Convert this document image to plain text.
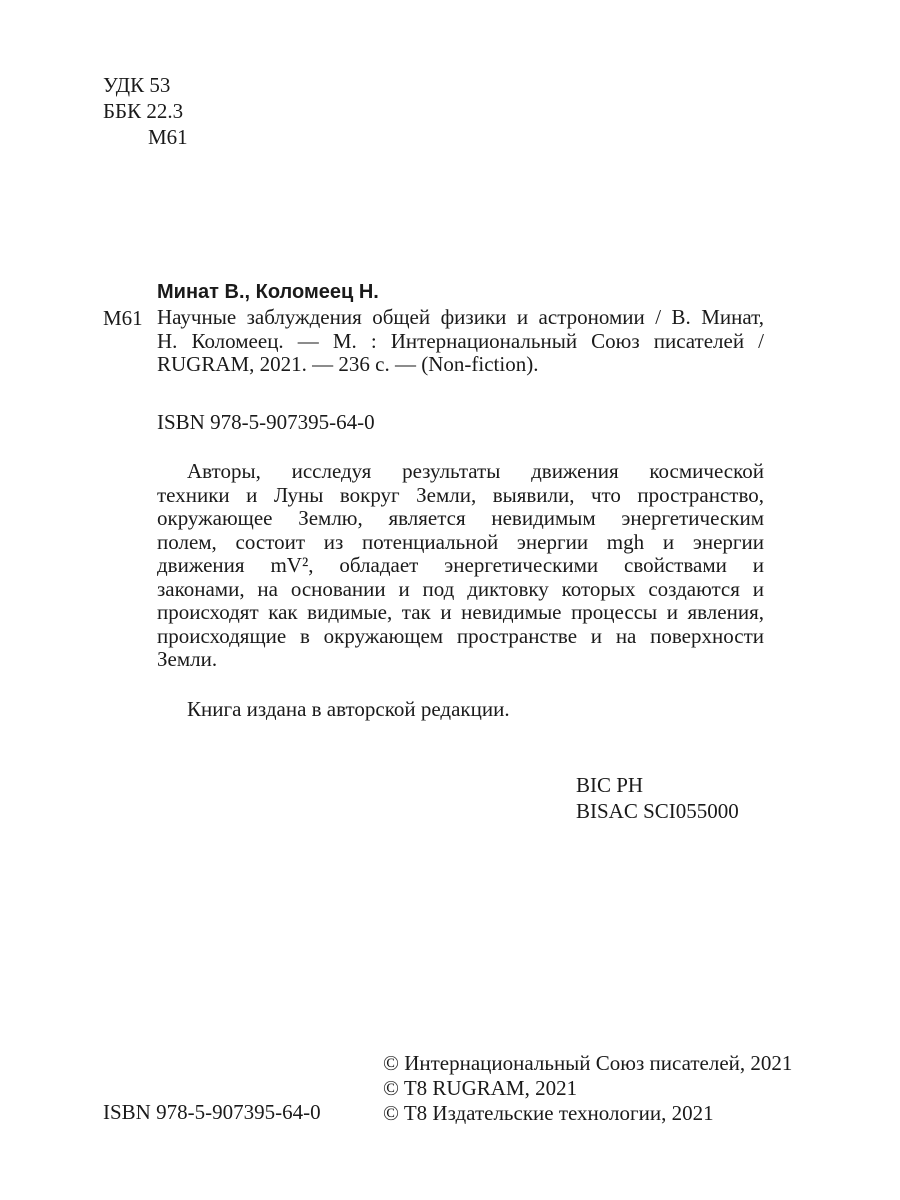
УДК 53
ББК 22.3
М61
Минат В., Коломеец Н.
М61 Научные заблуждения общей физики и астрономии / В. Минат,
Н. Коломеец. — М. : Интернациональный Союз писателей /
RUGRAM, 2021. — 236 с. — (Non-fiction).
ISBN 978-5-907395-64-0
Авторы, исследуя результаты движения космической
техники и Луны вокруг Земли, выявили, что пространство,
окружающее Землю, является невидимым энергетическим
полем, состоит из потенциальной энергии mgh и энергии
движения mV², обладает энергетическими свойствами и
законами, на основании и под диктовку которых создаются и
происходят как видимые, так и невидимые процессы и явления,
происходящие в окружающем пространстве и на поверхности
Земли.
Книга издана в авторской редакции.
BIC PH
BISAC SCI055000
ISBN 978-5-907395-64-0
© Интернациональный Союз писателей, 2021
© T8 RUGRAM, 2021
© T8 Издательские технологии, 2021
